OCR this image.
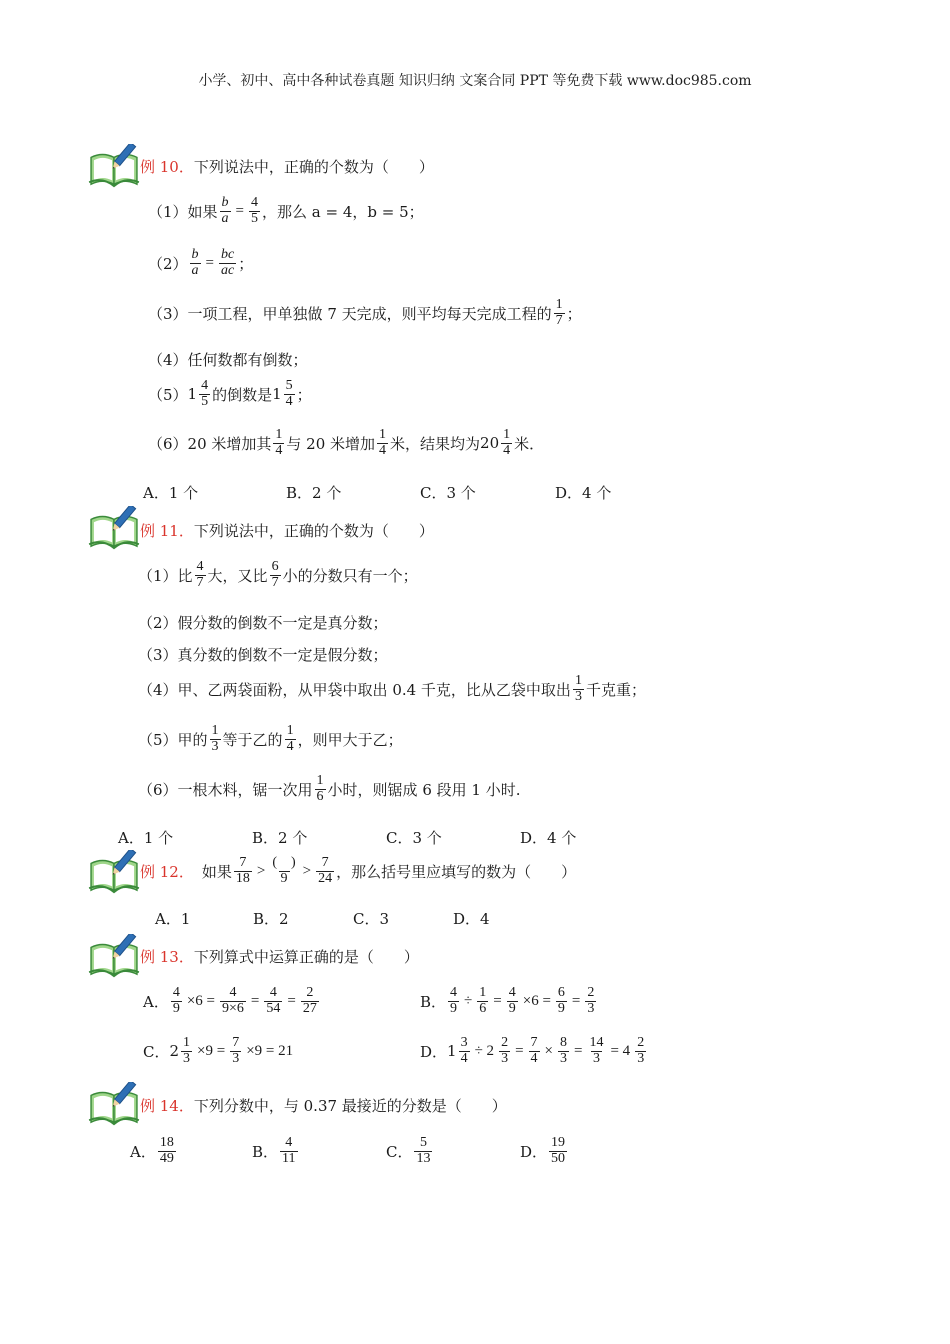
小学、初中、高中各种试卷真题 知识归纳 文案合同 PPT 等免费下载 www.doc985.com
例 10． 下列说法中，正确的个数为（　　）
（1）如果 $\frac{b}{a} = \frac{4}{5}$ ，那么 a = 4，b = 5；
$(2) \frac{b}{a} = \frac{bc}{ac}$ ；
（3）一项工程，甲单独做 7 天完成，则平均每天完成工程的 $\frac{1}{7}$ ；
（4）任何数都有倒数；
（5） $1 \frac{4}{5}$ 的倒数是 $1 \frac{5}{4}$ ；
（6）20 米增加其 $\frac{1}{4}$ 与 20 米增加 $\frac{1}{4}$ 米，结果均为 $20 \frac{1}{4}$ 米．
A．1 个	B．2 个	C．3 个	D．4 个
例 11． 下列说法中，正确的个数为（　　）
（1）比 $\frac{4}{7}$ 大，又比 $\frac{6}{7}$ 小的分数只有一个；
（2）假分数的倒数不一定是真分数；
（3）真分数的倒数不一定是假分数；
（4）甲、乙两袋面粉，从甲袋中取出 0.4 千克，比从乙袋中取出 $\frac{1}{3}$ 千克重；
（5）甲的 $\frac{1}{3}$ 等于乙的 $\frac{1}{4}$ ，则甲大于乙；
（6）一根木料，锯一次用 $\frac{1}{6}$ 小时，则锯成 6 段用 1 小时.
A．1 个	B．2 个	C．3 个	D．4 个
例 12． 如果 $\frac{7}{18} > \frac{( )}{9} > \frac{7}{24}$ ，那么括号里应填写的数为（　　）
A．1	B．2	C．3	D．4
例 13． 下列算式中运算正确的是（　　）
A． $\frac{4}{9} \times 6 = \frac{4}{9\times 6} = \frac{4}{54} = \frac{2}{27}$	B． $\frac{4}{9} \div \frac{1}{6} = \frac{4}{9} \times 6 = \frac{6}{9} = \frac{2}{3}$
C． $2 \frac{1}{3} \times 9 = \frac{7}{3} \times 9 = 21$	D． $1 \frac{3}{4} \div 2 \frac{2}{3} = \frac{7}{4} \times \frac{8}{3} = \frac{14}{3} = 4 \frac{2}{3}$
例 14． 下列分数中，与 0.37 最接近的分数是（　　）
A． $\frac{18}{49}$	B． $\frac{4}{11}$	C． $\frac{5}{13}$	D． $\frac{19}{50}$
